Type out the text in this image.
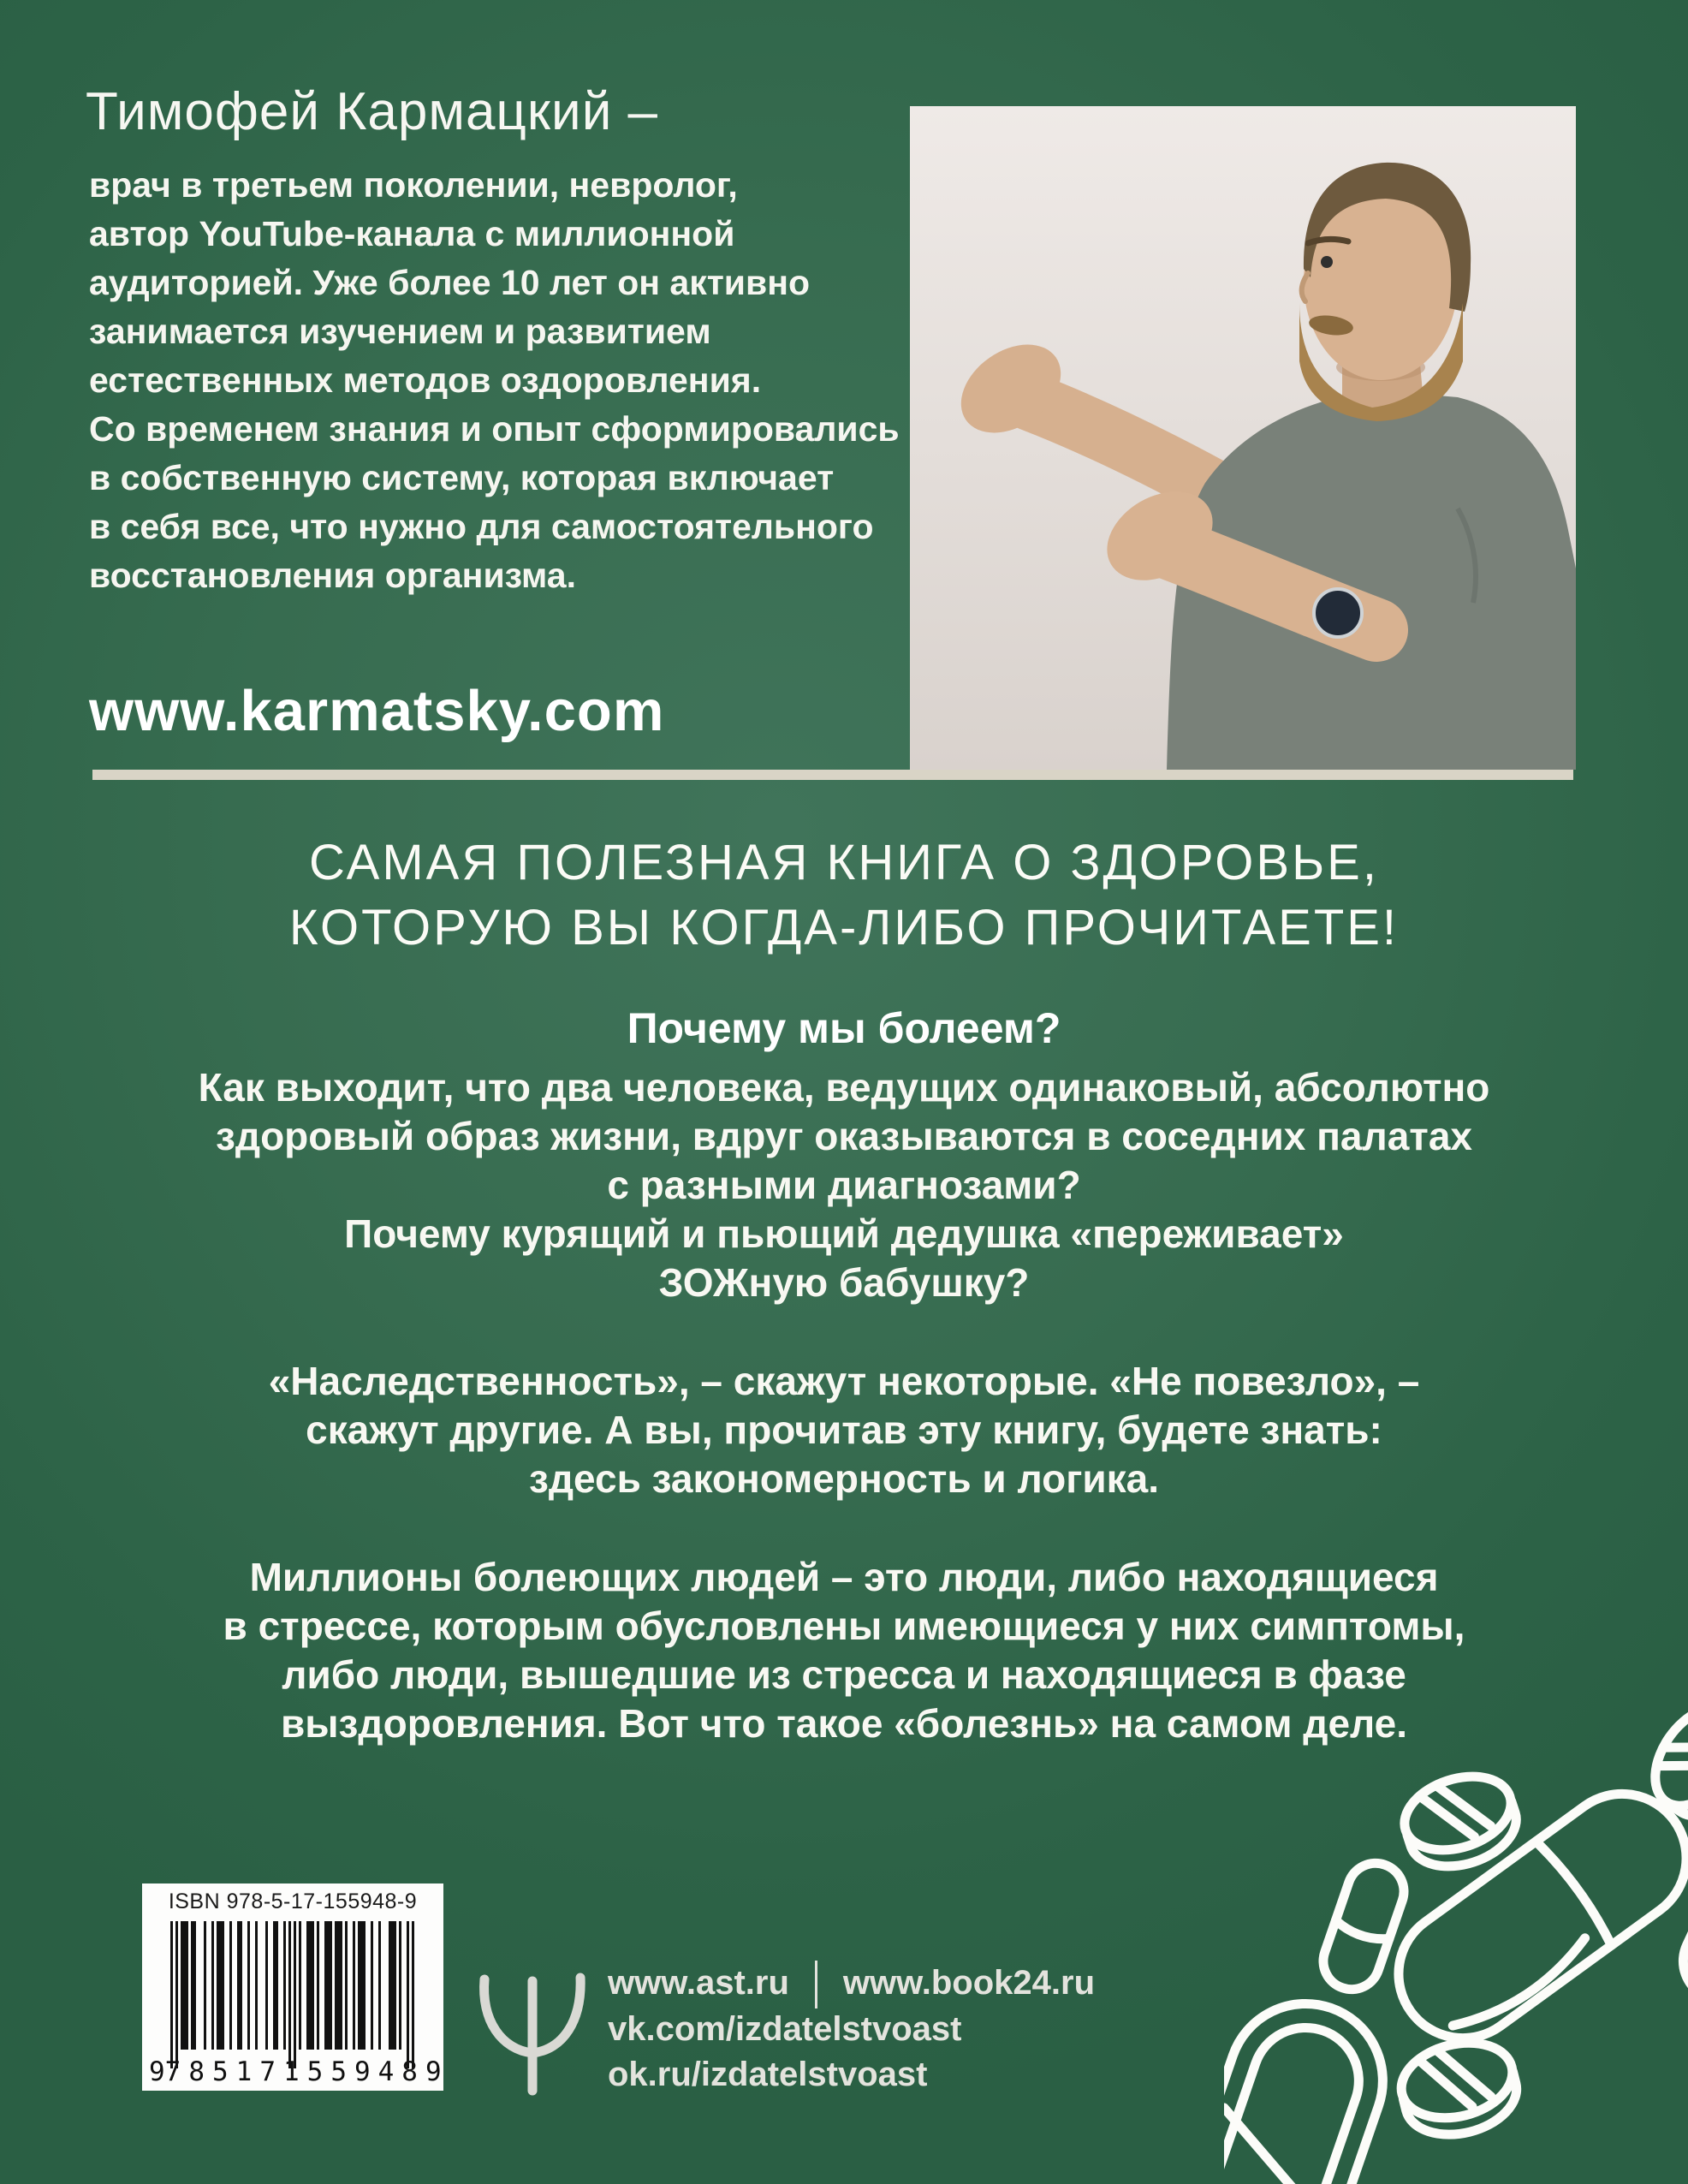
Тимофей Кармацкий –
врач в третьем поколении, невролог,
автор YouTube-канала с миллионной
аудиторией. Уже более 10 лет он активно
занимается изучением и развитием
естественных методов оздоровления.
Со временем знания и опыт сформировались
в собственную систему, которая включает
в себя все, что нужно для самостоятельного
восстановления организма.
www.karmatsky.com
САМАЯ ПОЛЕЗНАЯ КНИГА О ЗДОРОВЬЕ,
КОТОРУЮ ВЫ КОГДА-ЛИБО ПРОЧИТАЕТЕ!
Почему мы болеем?
Как выходит, что два человека, ведущих одинаковый, абсолютно
здоровый образ жизни, вдруг оказываются в соседних палатах
с разными диагнозами?
Почему курящий и пьющий дедушка «переживает»
ЗОЖную бабушку?
«Наследственность», – скажут некоторые. «Не повезло», –
скажут другие. А вы, прочитав эту книгу, будете знать:
здесь закономерность и логика.
Миллионы болеющих людей – это люди, либо находящиеся
в стрессе, которым обусловлены имеющиеся у них симптомы,
либо люди, вышедшие из стресса и находящиеся в фазе
выздоровления. Вот что такое «болезнь» на самом деле.
ISBN 978-5-17-155948-9
9 785171 559489
www.ast.ru www.book24.ru
vk.com/izdatelstvoast
ok.ru/izdatelstvoast
